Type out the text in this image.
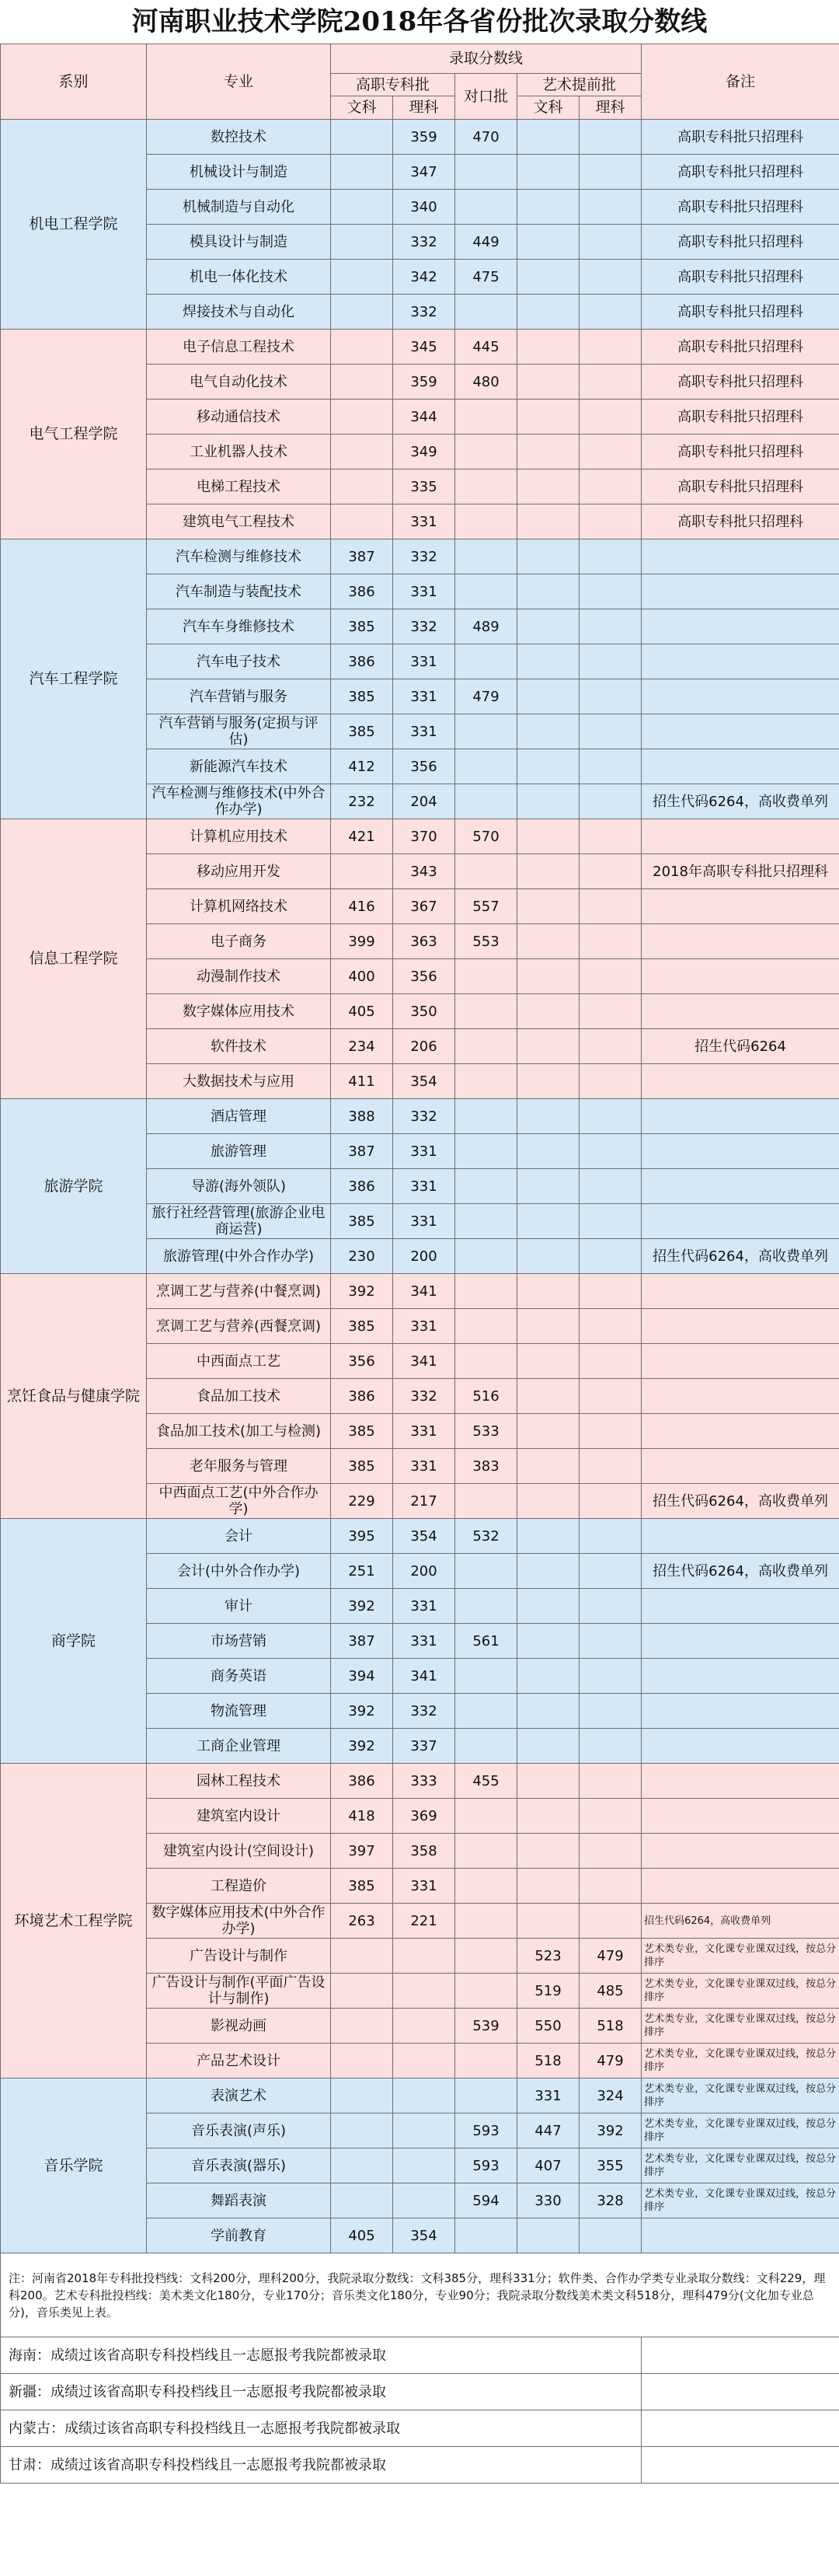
河南职业技术学院2018年各省份批次录取分数线
系别	专业	录取分数线					备注
		高职专科批		对口批	艺术提前批		
		文科	理科		文科	理科	
机电工程学院	数控技术		359	470			高职专科批只招理科
	机械设计与制造		347				高职专科批只招理科
	机械制造与自动化		340				高职专科批只招理科
	模具设计与制造		332	449			高职专科批只招理科
	机电一体化技术		342	475			高职专科批只招理科
	焊接技术与自动化		332				高职专科批只招理科
电气工程学院	电子信息工程技术		345	445			高职专科批只招理科
	电气自动化技术		359	480			高职专科批只招理科
	移动通信技术		344				高职专科批只招理科
	工业机器人技术		349				高职专科批只招理科
	电梯工程技术		335				高职专科批只招理科
	建筑电气工程技术		331				高职专科批只招理科
汽车工程学院	汽车检测与维修技术	387	332				
	汽车制造与装配技术	386	331				
	汽车车身维修技术	385	332	489			
	汽车电子技术	386	331				
	汽车营销与服务	385	331	479			
	汽车营销与服务(定损与评估)	385	331				
	新能源汽车技术	412	356				
	汽车检测与维修技术(中外合作办学)	232	204				招生代码6264，高收费单列
信息工程学院	计算机应用技术	421	370	570			
	移动应用开发		343				2018年高职专科批只招理科
	计算机网络技术	416	367	557			
	电子商务	399	363	553			
	动漫制作技术	400	356				
	数字媒体应用技术	405	350				
	软件技术	234	206				招生代码6264
	大数据技术与应用	411	354				
旅游学院	酒店管理	388	332				
	旅游管理	387	331				
	导游(海外领队)	386	331				
	旅行社经营管理(旅游企业电商运营)	385	331				
	旅游管理(中外合作办学)	230	200				招生代码6264，高收费单列
烹饪食品与健康学院	烹调工艺与营养(中餐烹调)	392	341				
	烹调工艺与营养(西餐烹调)	385	331				
	中西面点工艺	356	341				
	食品加工技术	386	332	516			
	食品加工技术(加工与检测)	385	331	533			
	老年服务与管理	385	331	383			
	中西面点工艺(中外合作办学)	229	217				招生代码6264，高收费单列
商学院	会计	395	354	532			
	会计(中外合作办学)	251	200				招生代码6264，高收费单列
	审计	392	331				
	市场营销	387	331	561			
	商务英语	394	341				
	物流管理	392	332				
	工商企业管理	392	337				
环境艺术工程学院	园林工程技术	386	333	455			
	建筑室内设计	418	369				
	建筑室内设计(空间设计)	397	358				
	工程造价	385	331				
	数字媒体应用技术(中外合作办学)	263	221				招生代码6264，高收费单列
	广告设计与制作				523	479	艺术类专业，文化课专业课双过线，按总分排序
	广告设计与制作(平面广告设计与制作)				519	485	艺术类专业，文化课专业课双过线，按总分排序
	影视动画			539	550	518	艺术类专业，文化课专业课双过线，按总分排序
	产品艺术设计				518	479	艺术类专业，文化课专业课双过线，按总分排序
音乐学院	表演艺术				331	324	艺术类专业，文化课专业课双过线，按总分排序
	音乐表演(声乐)			593	447	392	艺术类专业，文化课专业课双过线，按总分排序
	音乐表演(器乐)			593	407	355	艺术类专业，文化课专业课双过线，按总分排序
	舞蹈表演			594	330	328	艺术类专业，文化课专业课双过线，按总分排序
	学前教育	405	354				
注：河南省2018年专科批投档线：文科200分，理科200分，我院录取分数线：文科385分，理科331分；软件类、合作办学类专业录取分数线：文科229，理科200。艺术专科批投档线：美术类文化180分，专业170分；音乐类文化180分，专业90分；我院录取分数线美术类文科518分，理科479分(文化加专业总分)，音乐类见上表。							
海南：成绩过该省高职专科投档线且一志愿报考我院都被录取							
新疆：成绩过该省高职专科投档线且一志愿报考我院都被录取							
内蒙古：成绩过该省高职专科投档线且一志愿报考我院都被录取							
甘肃：成绩过该省高职专科投档线且一志愿报考我院都被录取							
